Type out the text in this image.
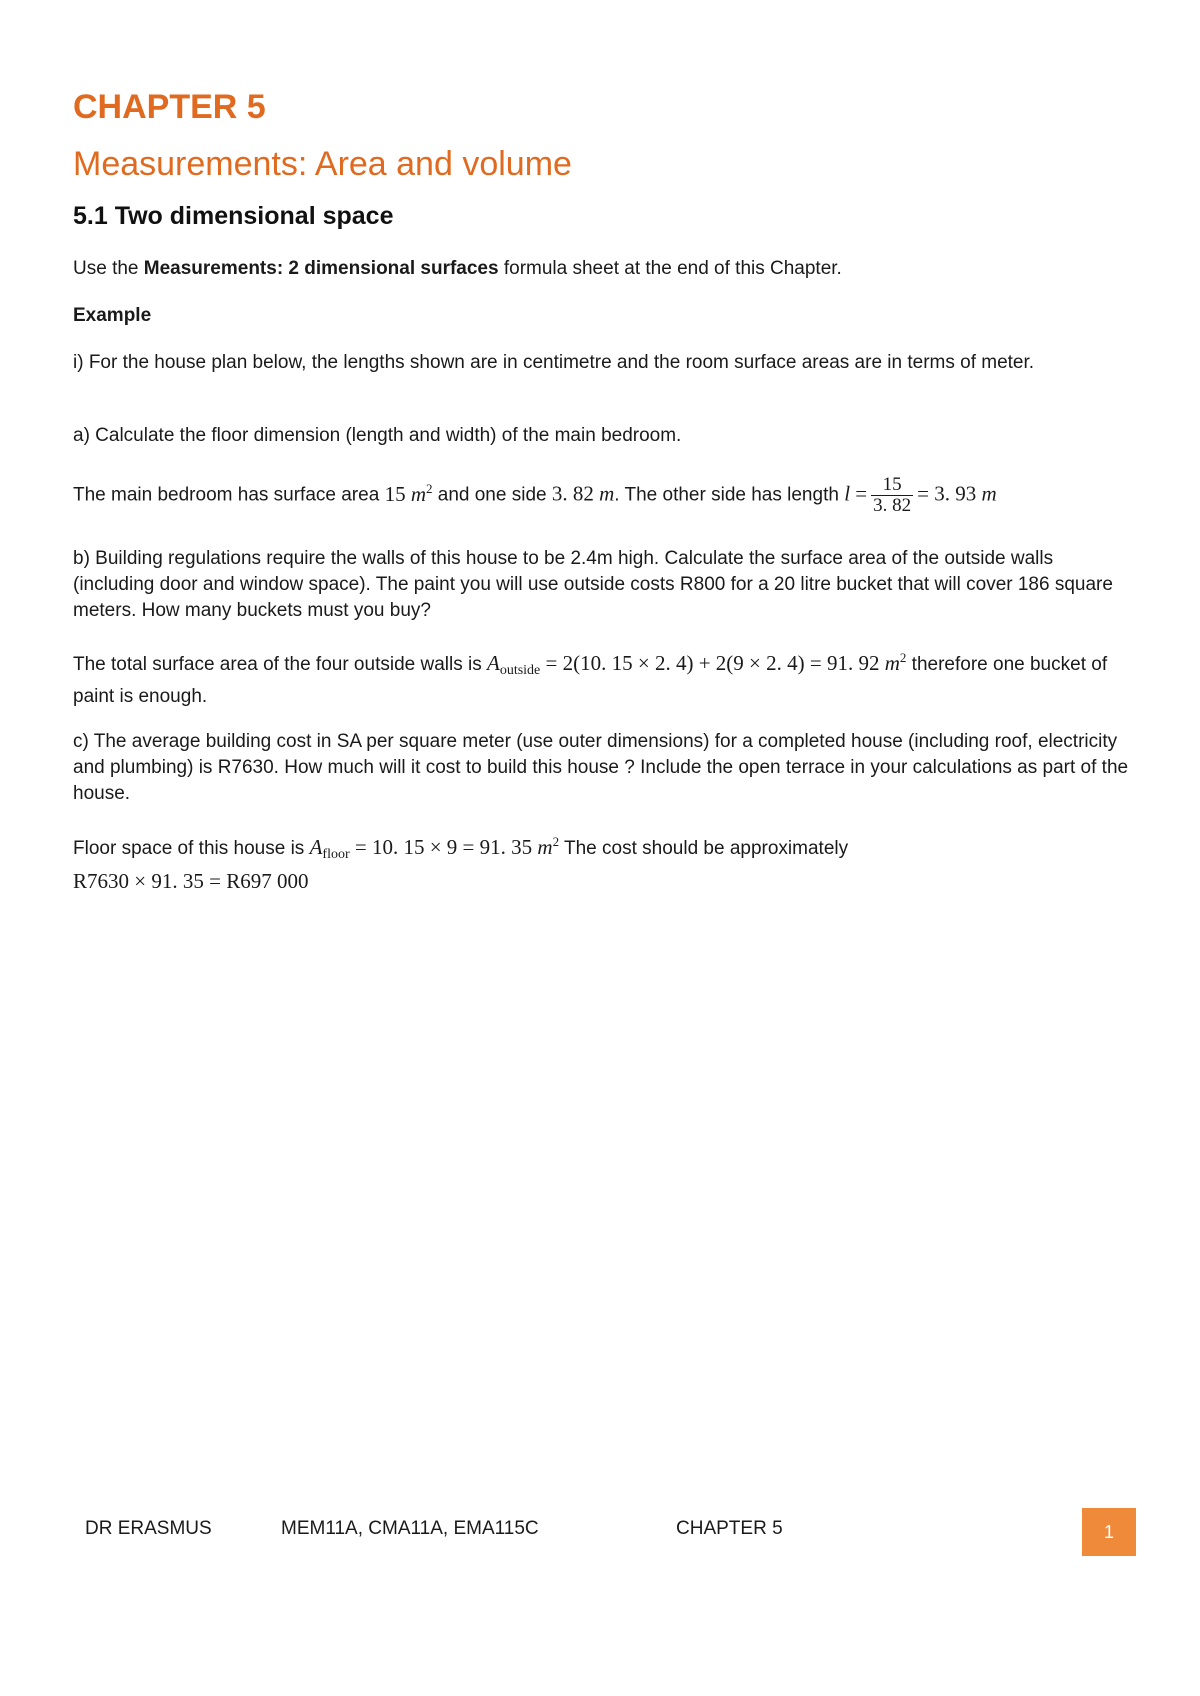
CHAPTER 5
Measurements: Area and volume
5.1 Two dimensional space

Use the Measurements: 2 dimensional surfaces formula sheet at the end of this Chapter.

Example

i) For the house plan below, the lengths shown are in centimetre and the room surface areas are in terms of meter.

a) Calculate the floor dimension (length and width) of the main bedroom.

The main bedroom has surface area 15 $m^2$ and one side 3. 82 m. The other side has length $l = \frac{15}{3. 82} = 3$. 93 m

b) Building regulations require the walls of this house to be 2.4m high. Calculate the surface area of the outside walls (including door and window space). The paint you will use outside costs R800 for a 20 litre bucket that will cover 186 square meters. How many buckets must you buy?

The total surface area of the four outside walls is $A_{outside} = 2(10$. 15 × 2. 4) + 2(9 × 2. 4) = 91. 92 $m^2$ therefore one bucket of paint is enough.

c) The average building cost in SA per square meter (use outer dimensions) for a completed house (including roof, electricity and plumbing) is R7630. How much will it cost to build this house ? Include the open terrace in your calculations as part of the house.

Floor space of this house is $A_{floor} = 10$. 15 × 9 = 91. 35 $m^2$ The cost should be approximately
R7630 × 91. 35 = R697 000

DR ERASMUS	MEM11A, CMA11A, EMA115C	CHAPTER 5	1
